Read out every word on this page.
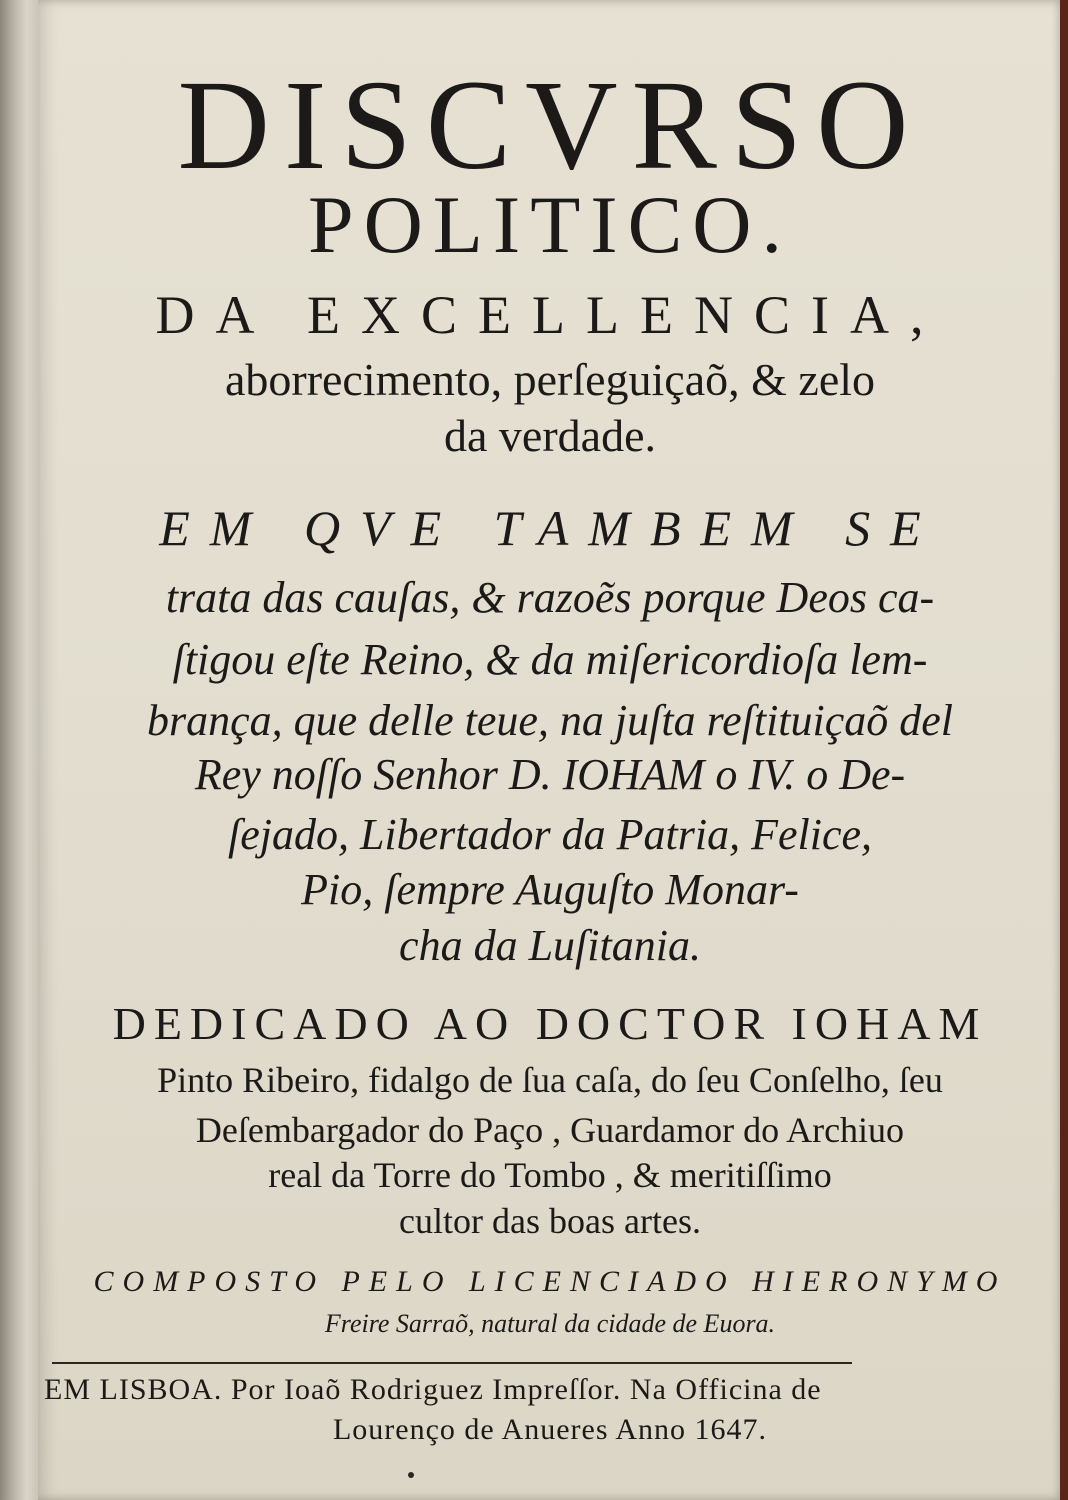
DISCVRSO
POLITICO.
DA EXCELLENCIA,
aborrecimento, perſeguiçaõ, & zelo
da verdade.
EM QVE TAMBEM SE
trata das cauſas, & razoẽs porque Deos ca-
ſtigou eſte Reino, & da miſericordioſa lem-
brança, que delle teue, na juſta reſtituiçaõ del
Rey noſſo Senhor D. IOHAM o IV. o De-
ſejado, Libertador da Patria, Felice,
Pio, ſempre Auguſto Monar-
cha da Luſitania.
DEDICADO AO DOCTOR IOHAM
Pinto Ribeiro, fidalgo de ſua caſa, do ſeu Conſelho, ſeu
Deſembargador do Paço , Guardamor do Archiuo
real da Torre do Tombo , & meritiſſimo
cultor das boas artes.
COMPOSTO PELO LICENCIADO HIERONYMO
Freire Sarraõ, natural da cidade de Euora.
EM LISBOA. Por Ioaõ Rodriguez Impreſſor. Na Officina de
Lourenço de Anueres Anno 1647.
